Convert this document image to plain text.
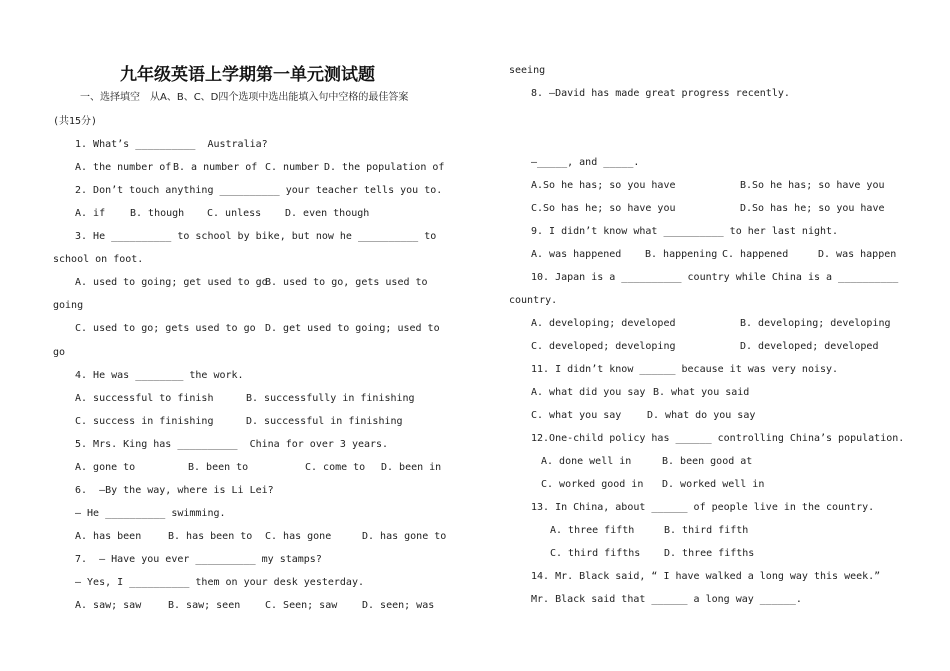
九年级英语上学期第一单元测试题
一、选择填空　从A、B、C、D四个选项中选出能填入句中空格的最佳答案
(共15分)
1. What’s __________  Australia?
A. the number of B. a number of C. number D. the population of
2. Don’t touch anything __________ your teacher tells you to.
A. if B. though C. unless D. even though
3. He __________ to school by bike, but now he __________ to
school on foot.
A. used to going; get used to go
B. used to go, gets used to
going
C. used to go; gets used to go D. get used to going; used to
go
4. He was ________ the work.
A. successful to finish	B. successfully in finishing
C. success in finishing	D. successful in finishing
5. Mrs. King has __________  China for over 3 years.
A. gone to	B. been to	C. come to D. been in
6.  —By the way, where is Li Lei?
— He __________ swimming.
A. has been	B. has been to C. has gone	D. has gone to
7.  — Have you ever __________ my stamps?
— Yes, I __________ them on your desk yesterday.
A. saw; saw	B. saw; seen C. Seen; saw D. seen; was
seeing
8. —David has made great progress recently.
—_____, and _____.
A.So he has; so you have	B.So he has; so have you
C.So has he; so have you	D.So has he; so you have
9. I didn’t know what __________ to her last night.
A. was happened B. happening C. happened	D. was happen
10. Japan is a __________ country while China is a __________
country.
A. developing; developed	B. developing; developing
C. developed; developing	D. developed; developed
11. I didn’t know ______ because it was very noisy.
A. what did you say B. what you said
C. what you say	D. what do you say
12.One-child policy has ______ controlling China’s population.
A. done well in	B. been good at
C. worked good in D. worked well in
13. In China, about ______ of people live in the country.
A. three fifth	B. third fifth
C. third fifths D. three fifths
14. Mr. Black said, “ I have walked a long way this week.”
Mr. Black said that ______ a long way ______.
